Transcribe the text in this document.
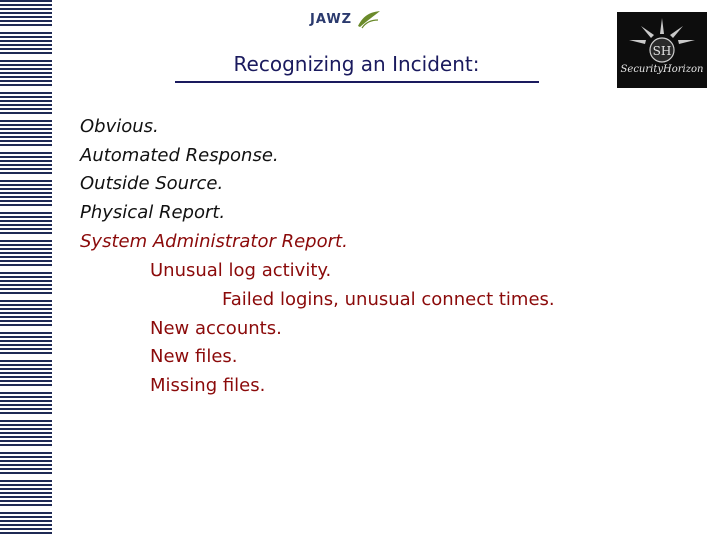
JAWZ
SH
SecurityHorizon
Recognizing an Incident:
Obvious.
Automated Response.
Outside Source.
Physical Report.
System Administrator Report.
Unusual log activity.
Failed logins, unusual connect times.
New accounts.
New files.
Missing files.
